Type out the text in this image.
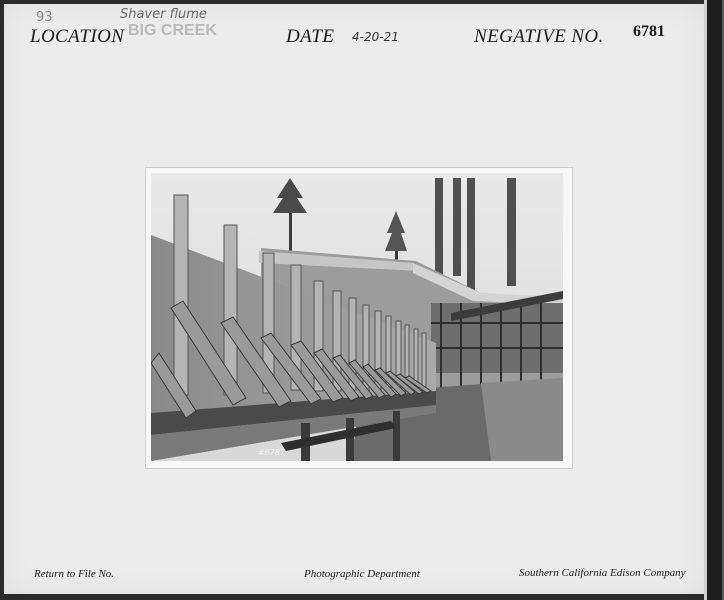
93
LOCATION BIG CREEK
Shaver flume
DATE 4-20-21	NEGATIVE NO. 6781
#6781
Return to File No.	Photographic Department	Southern California Edison Company
